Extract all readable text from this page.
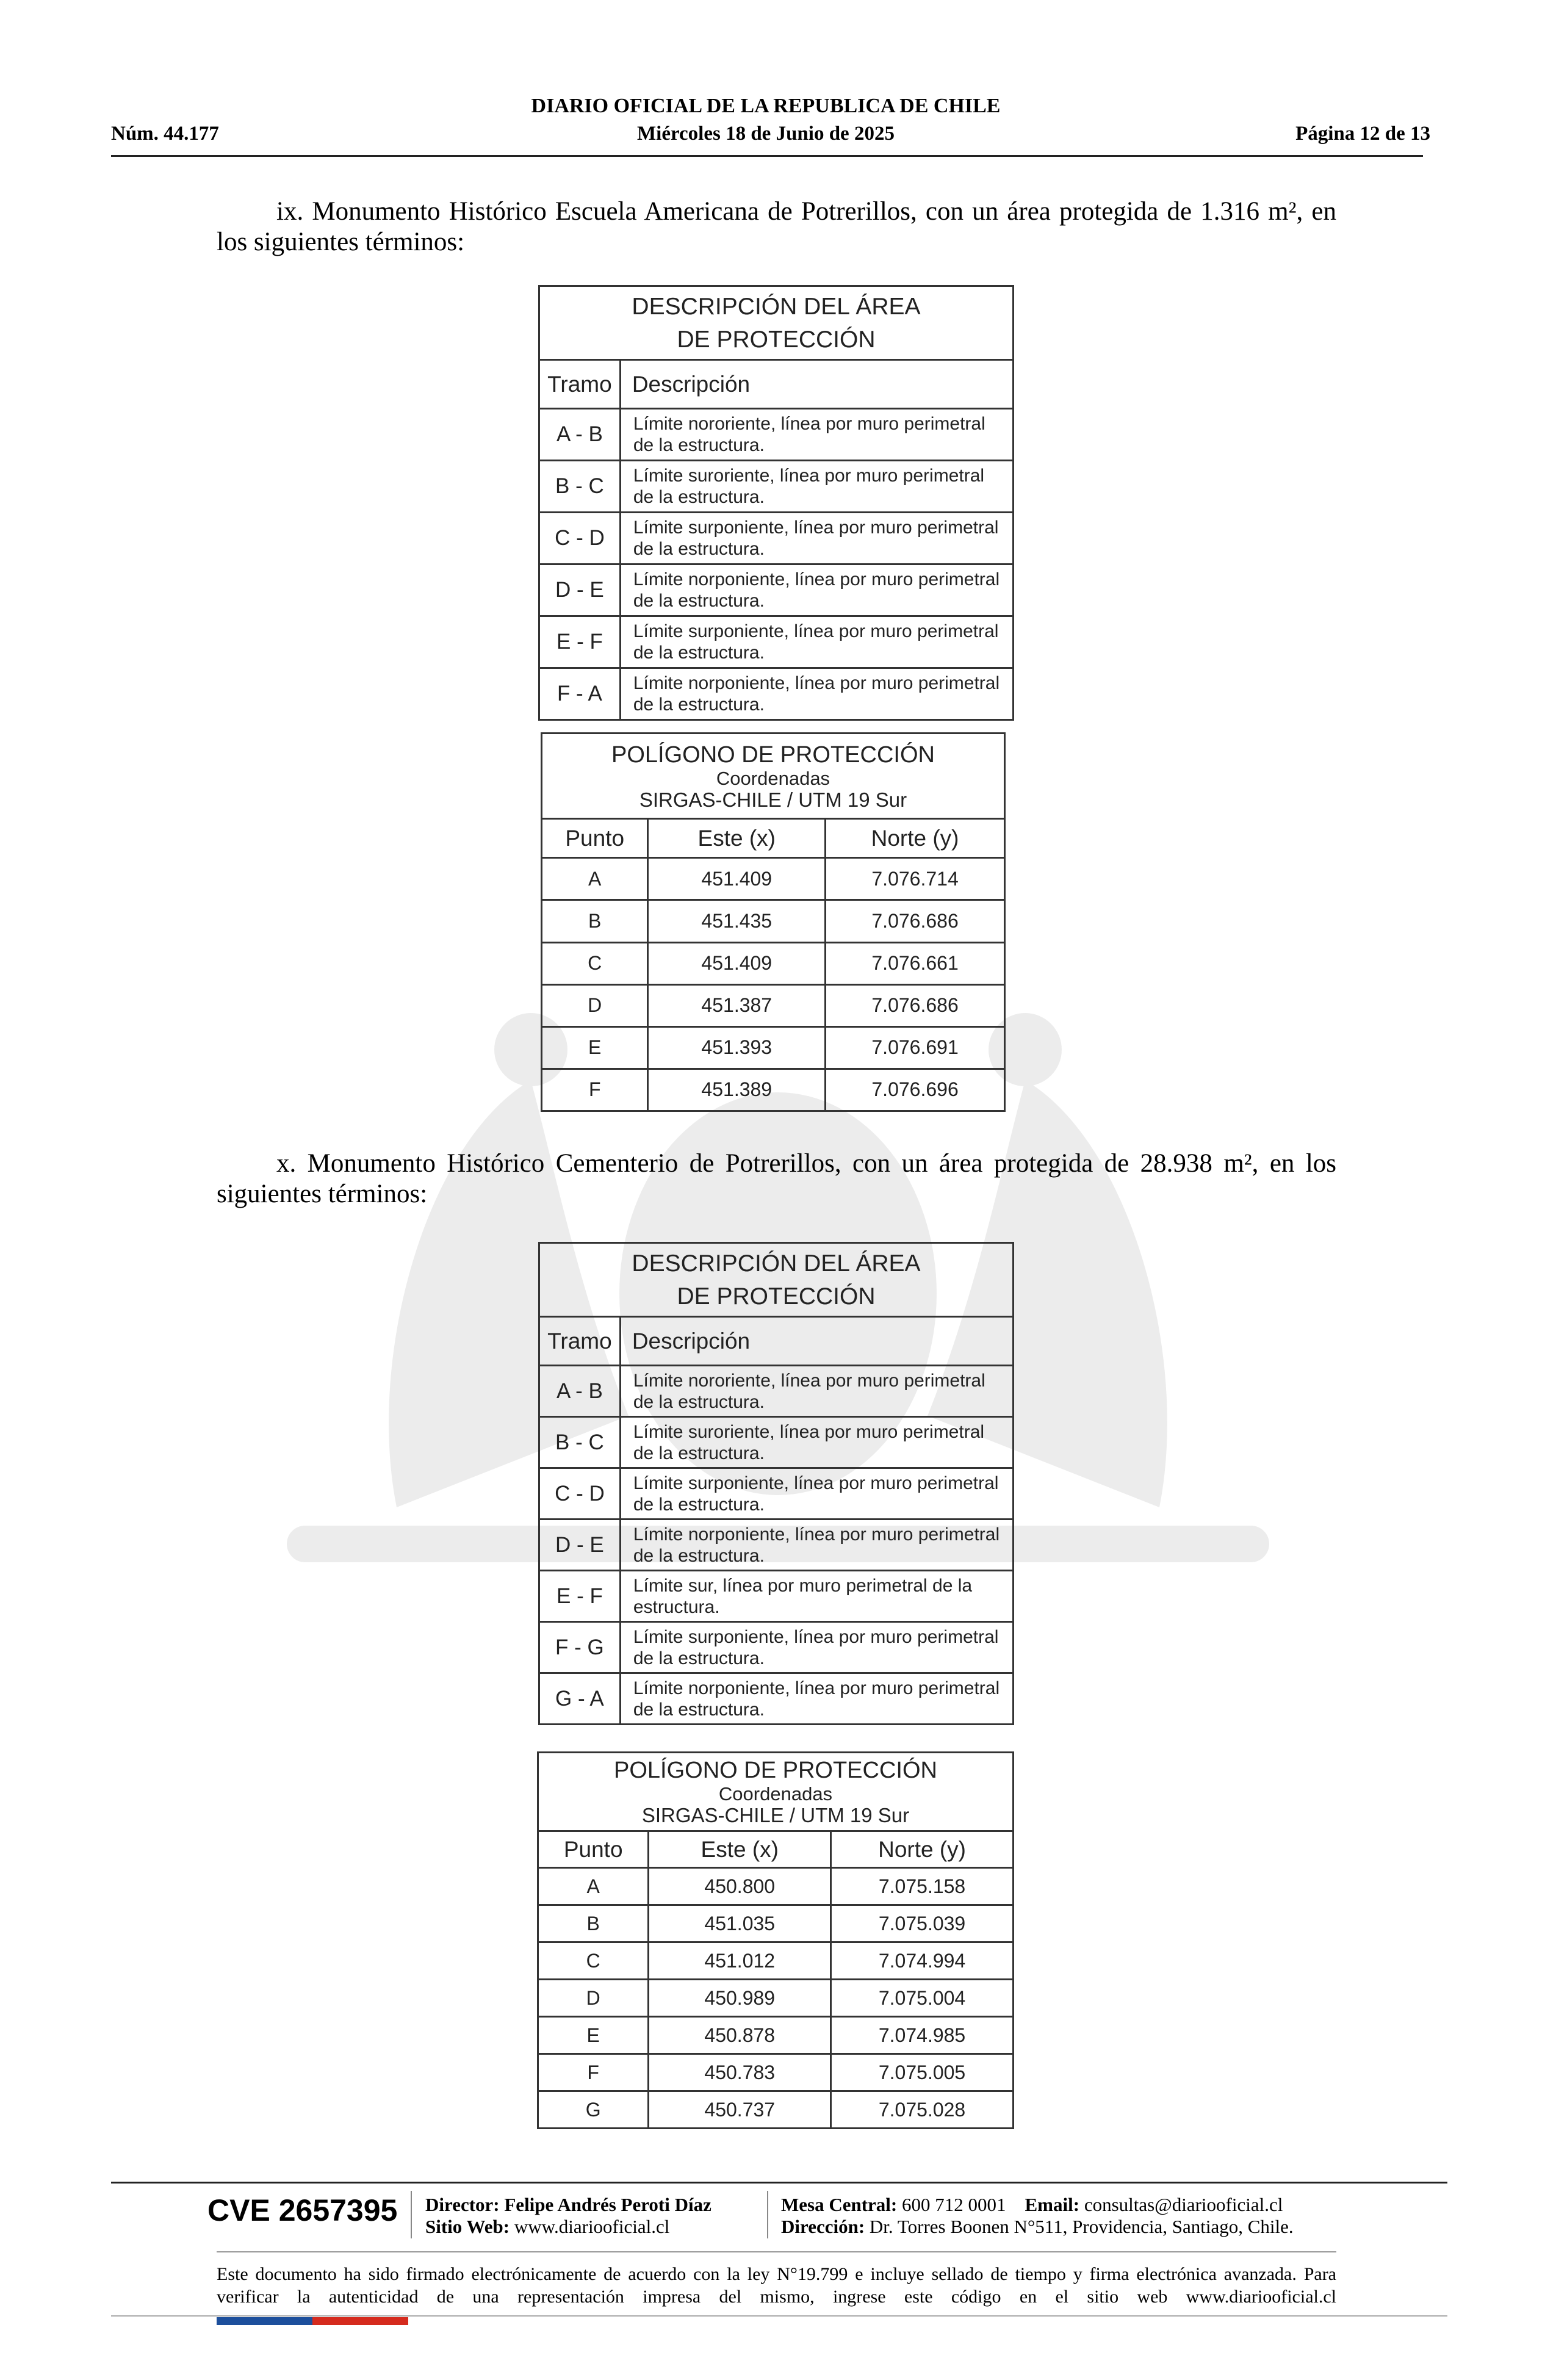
DIARIO OFICIAL DE LA REPUBLICA DE CHILE
Núm. 44.177	Miércoles 18 de Junio de 2025	Página 12 de 13
ix. Monumento Histórico Escuela Americana de Potrerillos, con un área protegida de 1.316 m², en los siguientes términos:
DESCRIPCIÓN DEL ÁREA
DE PROTECCIÓN	
Tramo	Descripción
A - B	Límite nororiente, línea por muro perimetral de la estructura.
B - C	Límite suroriente, línea por muro perimetral de la estructura.
C - D	Límite surponiente, línea por muro perimetral de la estructura.
D - E	Límite norponiente, línea por muro perimetral de la estructura.
E - F	Límite surponiente, línea por muro perimetral de la estructura.
F - A	Límite norponiente, línea por muro perimetral de la estructura.
POLÍGONO DE PROTECCIÓN
Coordenadas
SIRGAS-CHILE / UTM 19 Sur		

Punto	Este (x)	Norte (y)
A	451.409	7.076.714
B	451.435	7.076.686
C	451.409	7.076.661
D	451.387	7.076.686
E	451.393	7.076.691
F	451.389	7.076.696
x. Monumento Histórico Cementerio de Potrerillos, con un área protegida de 28.938 m², en los siguientes términos:
DESCRIPCIÓN DEL ÁREA
DE PROTECCIÓN	
Tramo	Descripción
A - B	Límite nororiente, línea por muro perimetral de la estructura.
B - C	Límite suroriente, línea por muro perimetral de la estructura.
C - D	Límite surponiente, línea por muro perimetral de la estructura.
D - E	Límite norponiente, línea por muro perimetral de la estructura.
E - F	Límite sur, línea por muro perimetral de la estructura.
F - G	Límite surponiente, línea por muro perimetral de la estructura.
G - A	Límite norponiente, línea por muro perimetral de la estructura.
POLÍGONO DE PROTECCIÓN
Coordenadas
SIRGAS-CHILE / UTM 19 Sur		

Punto	Este (x)	Norte (y)
A	450.800	7.075.158
B	451.035	7.075.039
C	451.012	7.074.994
D	450.989	7.075.004
E	450.878	7.074.985
F	450.783	7.075.005
G	450.737	7.075.028
CVE 2657395 Director: Felipe Andrés Peroti Díaz
Sitio Web: www.diariooficial.cl
Mesa Central: 600 712 0001 Email: consultas@diariooficial.cl
Dirección: Dr. Torres Boonen N°511, Providencia, Santiago, Chile.
Este documento ha sido firmado electrónicamente de acuerdo con la ley N°19.799 e incluye sellado de tiempo y firma electrónica avanzada. Para verificar la autenticidad de una representación impresa del mismo, ingrese este código en el sitio web www.diariooficial.cl
